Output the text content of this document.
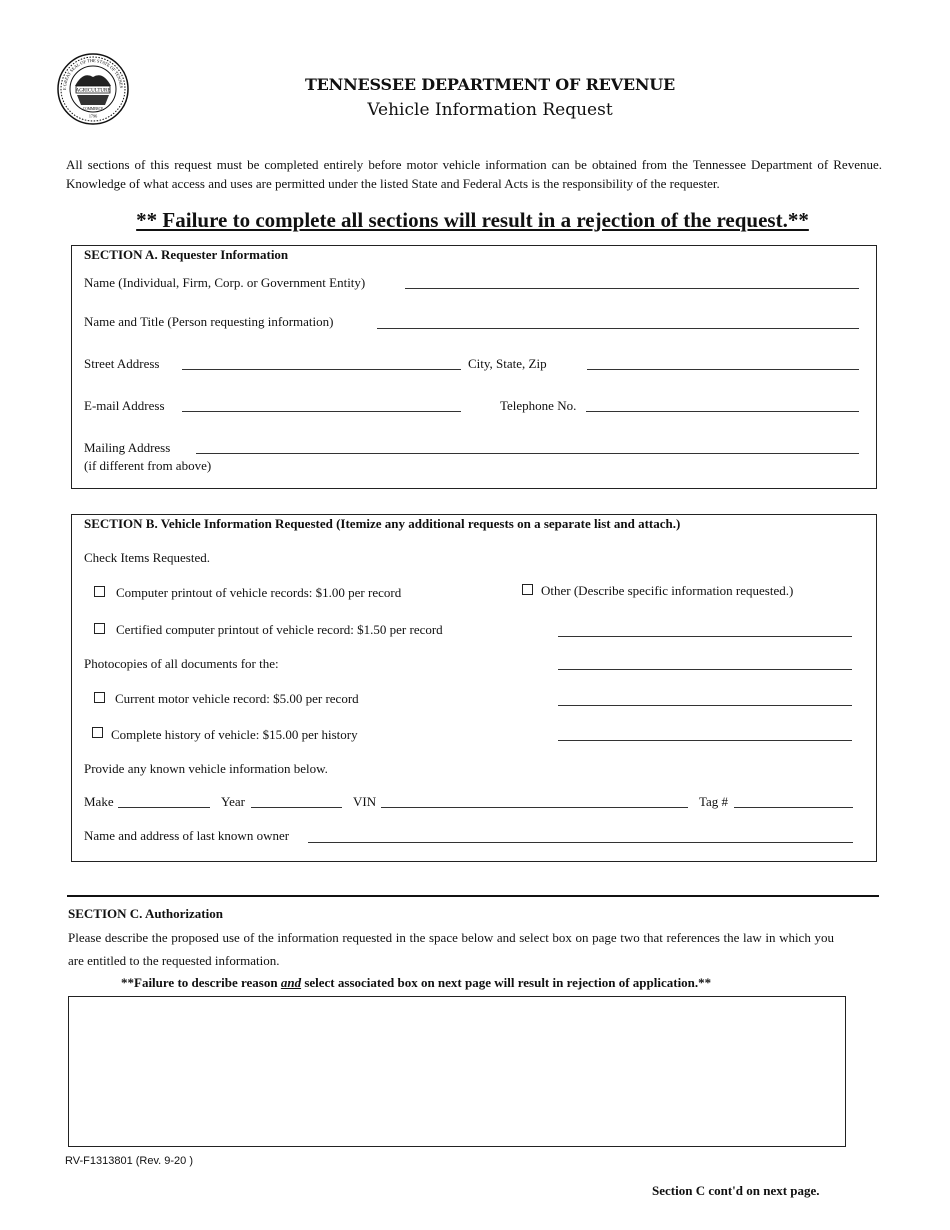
AGRICULTURE
COMMERCE
1796
E GREAT SEAL OF THE STATE OF TENNES	TENNESSEE DEPARTMENT OF REVENUE
Vehicle Information Request
All sections of this request must be completed entirely before motor vehicle information can be obtained from the Tennessee Department of Revenue. Knowledge of what access and uses are permitted under the listed State and Federal Acts is the responsibility of the requester.
** Failure to complete all sections will result in a rejection of the request.**
SECTION A. Requester Information
Name (Individual, Firm, Corp. or Government Entity)
Name and Title (Person requesting information)
Street Address	City, State, Zip
E-mail Address	Telephone No.
Mailing Address
(if different from above)
SECTION B. Vehicle Information Requested (Itemize any additional requests on a separate list and attach.)
Check Items Requested.
Computer printout of vehicle records: $1.00 per record	Other (Describe specific information requested.)
Certified computer printout of vehicle record: $1.50 per record
Photocopies of all documents for the:
Current motor vehicle record: $5.00 per record
Complete history of vehicle: $15.00 per history
Provide any known vehicle information below.
Make	Year	VIN	Tag #
Name and address of last known owner
SECTION C. Authorization
Please describe the proposed use of the information requested in the space below and select box on page two that references the law in which you are entitled to the requested information.
**Failure to describe reason and select associated box on next page will result in rejection of application.**
RV-F1313801 (Rev. 9-20 )
Section C cont'd on next page.
